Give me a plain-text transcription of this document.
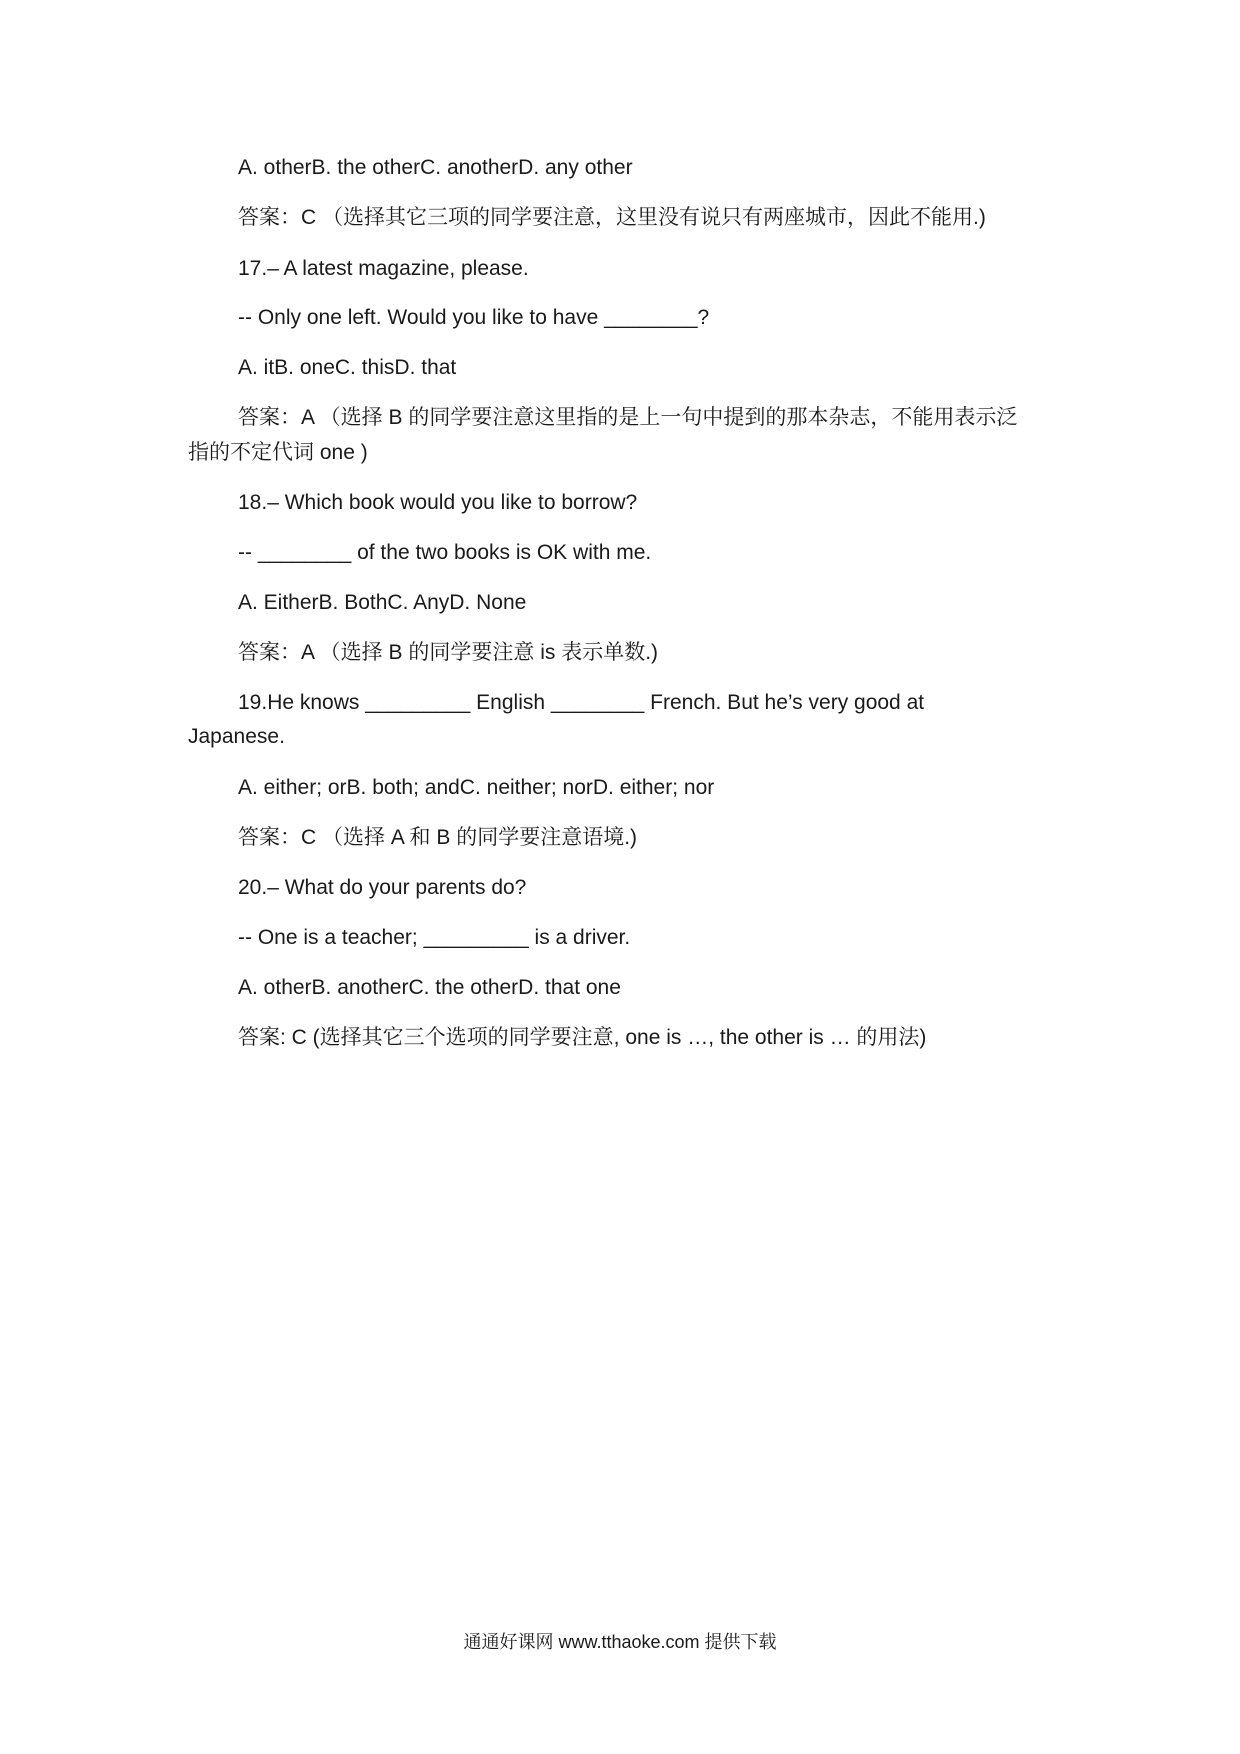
A. otherB. the otherC. anotherD. any other
答案：C （选择其它三项的同学要注意，这里没有说只有两座城市，因此不能用.)
17.– A latest magazine, please.
-- Only one left. Would you like to have ________?
A. itB. oneC. thisD. that
答案：A （选择 B 的同学要注意这里指的是上一句中提到的那本杂志，不能用表示泛
指的不定代词 one )
18.– Which book would you like to borrow?
-- ________ of the two books is OK with me.
A. EitherB. BothC. AnyD. None
答案：A （选择 B 的同学要注意 is 表示单数.)
19.He knows _________ English ________ French. But he’s very good at
Japanese.
A. either; orB. both; andC. neither; norD. either; nor
答案：C （选择 A 和 B 的同学要注意语境.)
20.– What do your parents do?
-- One is a teacher; _________ is a driver.
A. otherB. anotherC. the otherD. that one
答案: C (选择其它三个选项的同学要注意, one is …, the other is … 的用法)
通通好课网 www.tthaoke.com 提供下载
